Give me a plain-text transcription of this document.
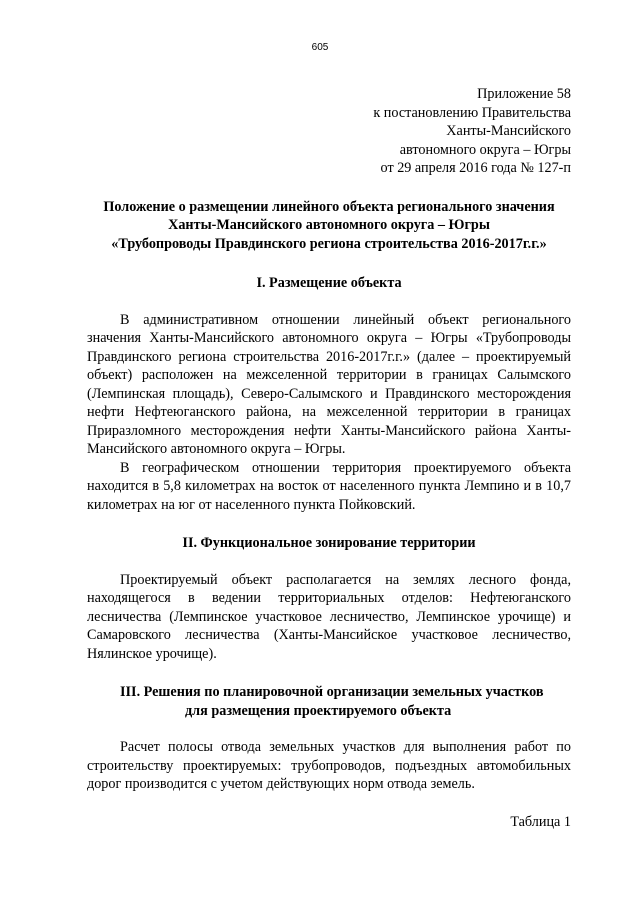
605
Приложение 58
к постановлению Правительства
Ханты-Мансийского
автономного округа – Югры
от 29 апреля 2016 года № 127-п
Положение о размещении линейного объекта регионального значения
Ханты-Мансийского автономного округа – Югры
«Трубопроводы Правдинского региона строительства 2016-2017г.г.»
I. Размещение объекта

В административном отношении линейный объект регионального значения Ханты-Мансийского автономного округа – Югры «Трубопроводы Правдинского региона строительства 2016-2017г.г.» (далее – проектируемый объект) расположен на межселенной территории в границах Салымского (Лемпинская площадь), Северо-Салымского и Правдинского месторождения нефти Нефтеюганского района, на межселенной территории в границах Приразломного месторождения нефти Ханты-Мансийского района Ханты-Мансийского автономного округа – Югры.

В географическом отношении территория проектируемого объекта находится в 5,8 километрах на восток от населенного пункта Лемпино и в 10,7 километрах на юг от населенного пункта Пойковский.

II. Функциональное зонирование территории

Проектируемый объект располагается на землях лесного фонда, находящегося в ведении территориальных отделов: Нефтеюганского лесничества (Лемпинское участковое лесничество, Лемпинское урочище) и Самаровского лесничества (Ханты-Мансийское участковое лесничество, Нялинское урочище).

III. Решения по планировочной организации земельных участков
для размещения проектируемого объекта

Расчет полосы отвода земельных участков для выполнения работ по строительству проектируемых: трубопроводов, подъездных автомобильных дорог производится с учетом действующих норм отвода земель.

Таблица 1
